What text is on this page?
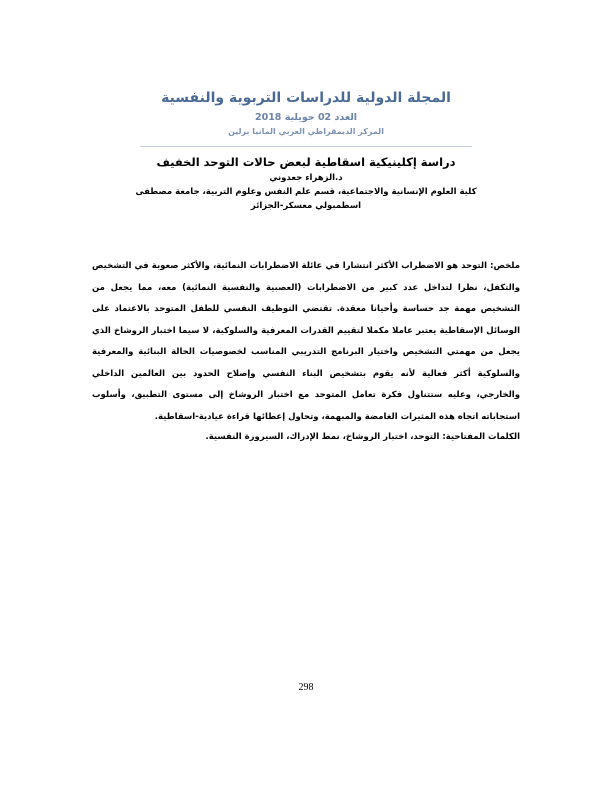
المجلة الدولية للدراسات التربوية والنفسية

العدد 02 جويلية 2018

المركز الديمقراطي العربي المانيا برلين

دراسة إكلينيكية اسقاطية لبعض حالات التوحد الخفيف

د.الزهراء جعدوني

كلية العلوم الإنسانية والاجتماعية، قسم علم النفس وعلوم التربية، جامعة مصطفى

اسطمبولي معسكر-الجزائر

ملخص: التوحد هو الاضطراب الأكثر انتشارا في عائلة الاضطرابات النمائية، والأكثر صعوبة في التشخيص والتكفل، نظرا لتداخل عدد كبير من الاضطرابات (العصبية والنفسية النمائية) معه، مما يجعل من التشخيص مهمة جد حساسة وأحيانا معقدة. تقتضي التوظيف النفسي للطفل المتوحد بالاعتماد على الوسائل الإسقاطية يعتبر عاملا مكملا لتقييم القدرات المعرفية والسلوكية، لا سيما اختبار الروشاخ الذي يجعل من مهمتي التشخيص واختيار البرنامج التدريبي المناسب لخصوصيات الحالة البنائية والمعرفية والسلوكية أكثر فعالية لأنه يقوم بتشخيص البناء النفسي وإصلاح الحدود بين العالمين الداخلي والخارجي، وعليه ستتناول فكرة تعامل المتوحد مع اختبار الروشاخ إلى مستوى التطبيق، وأسلوب استجاباته اتجاه هذه المثيرات الغامضة والمبهمة، وتحاول إعطائها قراءة عيادية-اسقاطية.

الكلمات المفتاحية: التوحد، اختبار الروشاخ، نمط الإدراك، السيرورة النفسية.

298
